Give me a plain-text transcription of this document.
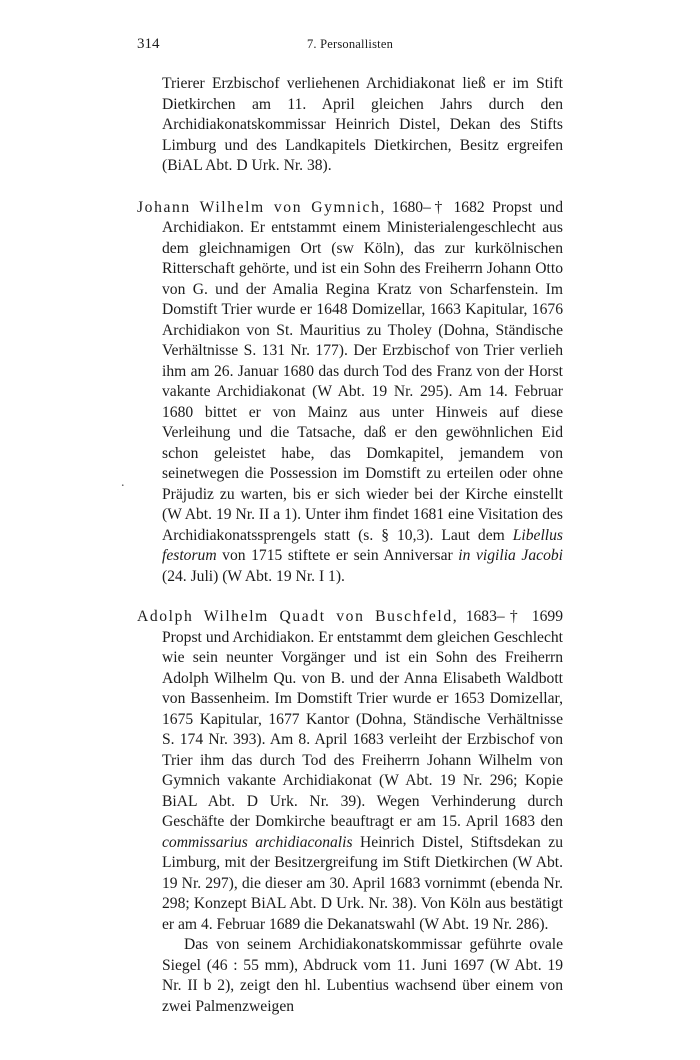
314	7. Personallisten
.

Trierer Erzbischof verliehenen Archidiakonat ließ er im Stift Dietkirchen am 11. April gleichen Jahrs durch den Archidiakonatskommissar Heinrich Distel, Dekan des Stifts Limburg und des Landkapitels Dietkirchen, Besitz ergreifen (BiAL Abt. D Urk. Nr. 38).

Johann Wilhelm von Gymnich, 1680–† 1682 Propst und Archidiakon. Er entstammt einem Ministerialengeschlecht aus dem gleichnamigen Ort (sw Köln), das zur kurkölnischen Ritterschaft gehörte, und ist ein Sohn des Freiherrn Johann Otto von G. und der Amalia Regina Kratz von Scharfenstein. Im Domstift Trier wurde er 1648 Domizellar, 1663 Kapitular, 1676 Archidiakon von St. Mauritius zu Tholey (Dohna, Ständische Verhältnisse S. 131 Nr. 177). Der Erzbischof von Trier verlieh ihm am 26. Januar 1680 das durch Tod des Franz von der Horst vakante Archidiakonat (W Abt. 19 Nr. 295). Am 14. Februar 1680 bittet er von Mainz aus unter Hinweis auf diese Verleihung und die Tatsache, daß er den gewöhnlichen Eid schon geleistet habe, das Domkapitel, jemandem von seinetwegen die Possession im Domstift zu erteilen oder ohne Präjudiz zu warten, bis er sich wieder bei der Kirche einstellt (W Abt. 19 Nr. II a 1). Unter ihm findet 1681 eine Visitation des Archidiakonatssprengels statt (s. § 10,3). Laut dem Libellus festorum von 1715 stiftete er sein Anniversar in vigilia Jacobi (24. Juli) (W Abt. 19 Nr. I 1).

Adolph Wilhelm Quadt von Buschfeld, 1683–† 1699 Propst und Archidiakon. Er entstammt dem gleichen Geschlecht wie sein neunter Vorgänger und ist ein Sohn des Freiherrn Adolph Wilhelm Qu. von B. und der Anna Elisabeth Waldbott von Bassenheim. Im Domstift Trier wurde er 1653 Domizellar, 1675 Kapitular, 1677 Kantor (Dohna, Ständische Verhältnisse S. 174 Nr. 393). Am 8. April 1683 verleiht der Erzbischof von Trier ihm das durch Tod des Freiherrn Johann Wilhelm von Gymnich vakante Archidiakonat (W Abt. 19 Nr. 296; Kopie BiAL Abt. D Urk. Nr. 39). Wegen Verhinderung durch Geschäfte der Domkirche beauftragt er am 15. April 1683 den commissarius archidiaconalis Heinrich Distel, Stiftsdekan zu Limburg, mit der Besitzergreifung im Stift Dietkirchen (W Abt. 19 Nr. 297), die dieser am 30. April 1683 vornimmt (ebenda Nr. 298; Konzept BiAL Abt. D Urk. Nr. 38). Von Köln aus bestätigt er am 4. Februar 1689 die Dekanatswahl (W Abt. 19 Nr. 286).

Das von seinem Archidiakonatskommissar geführte ovale Siegel (46 : 55 mm), Abdruck vom 11. Juni 1697 (W Abt. 19 Nr. II b 2), zeigt den hl. Lubentius wachsend über einem von zwei Palmenzweigen
